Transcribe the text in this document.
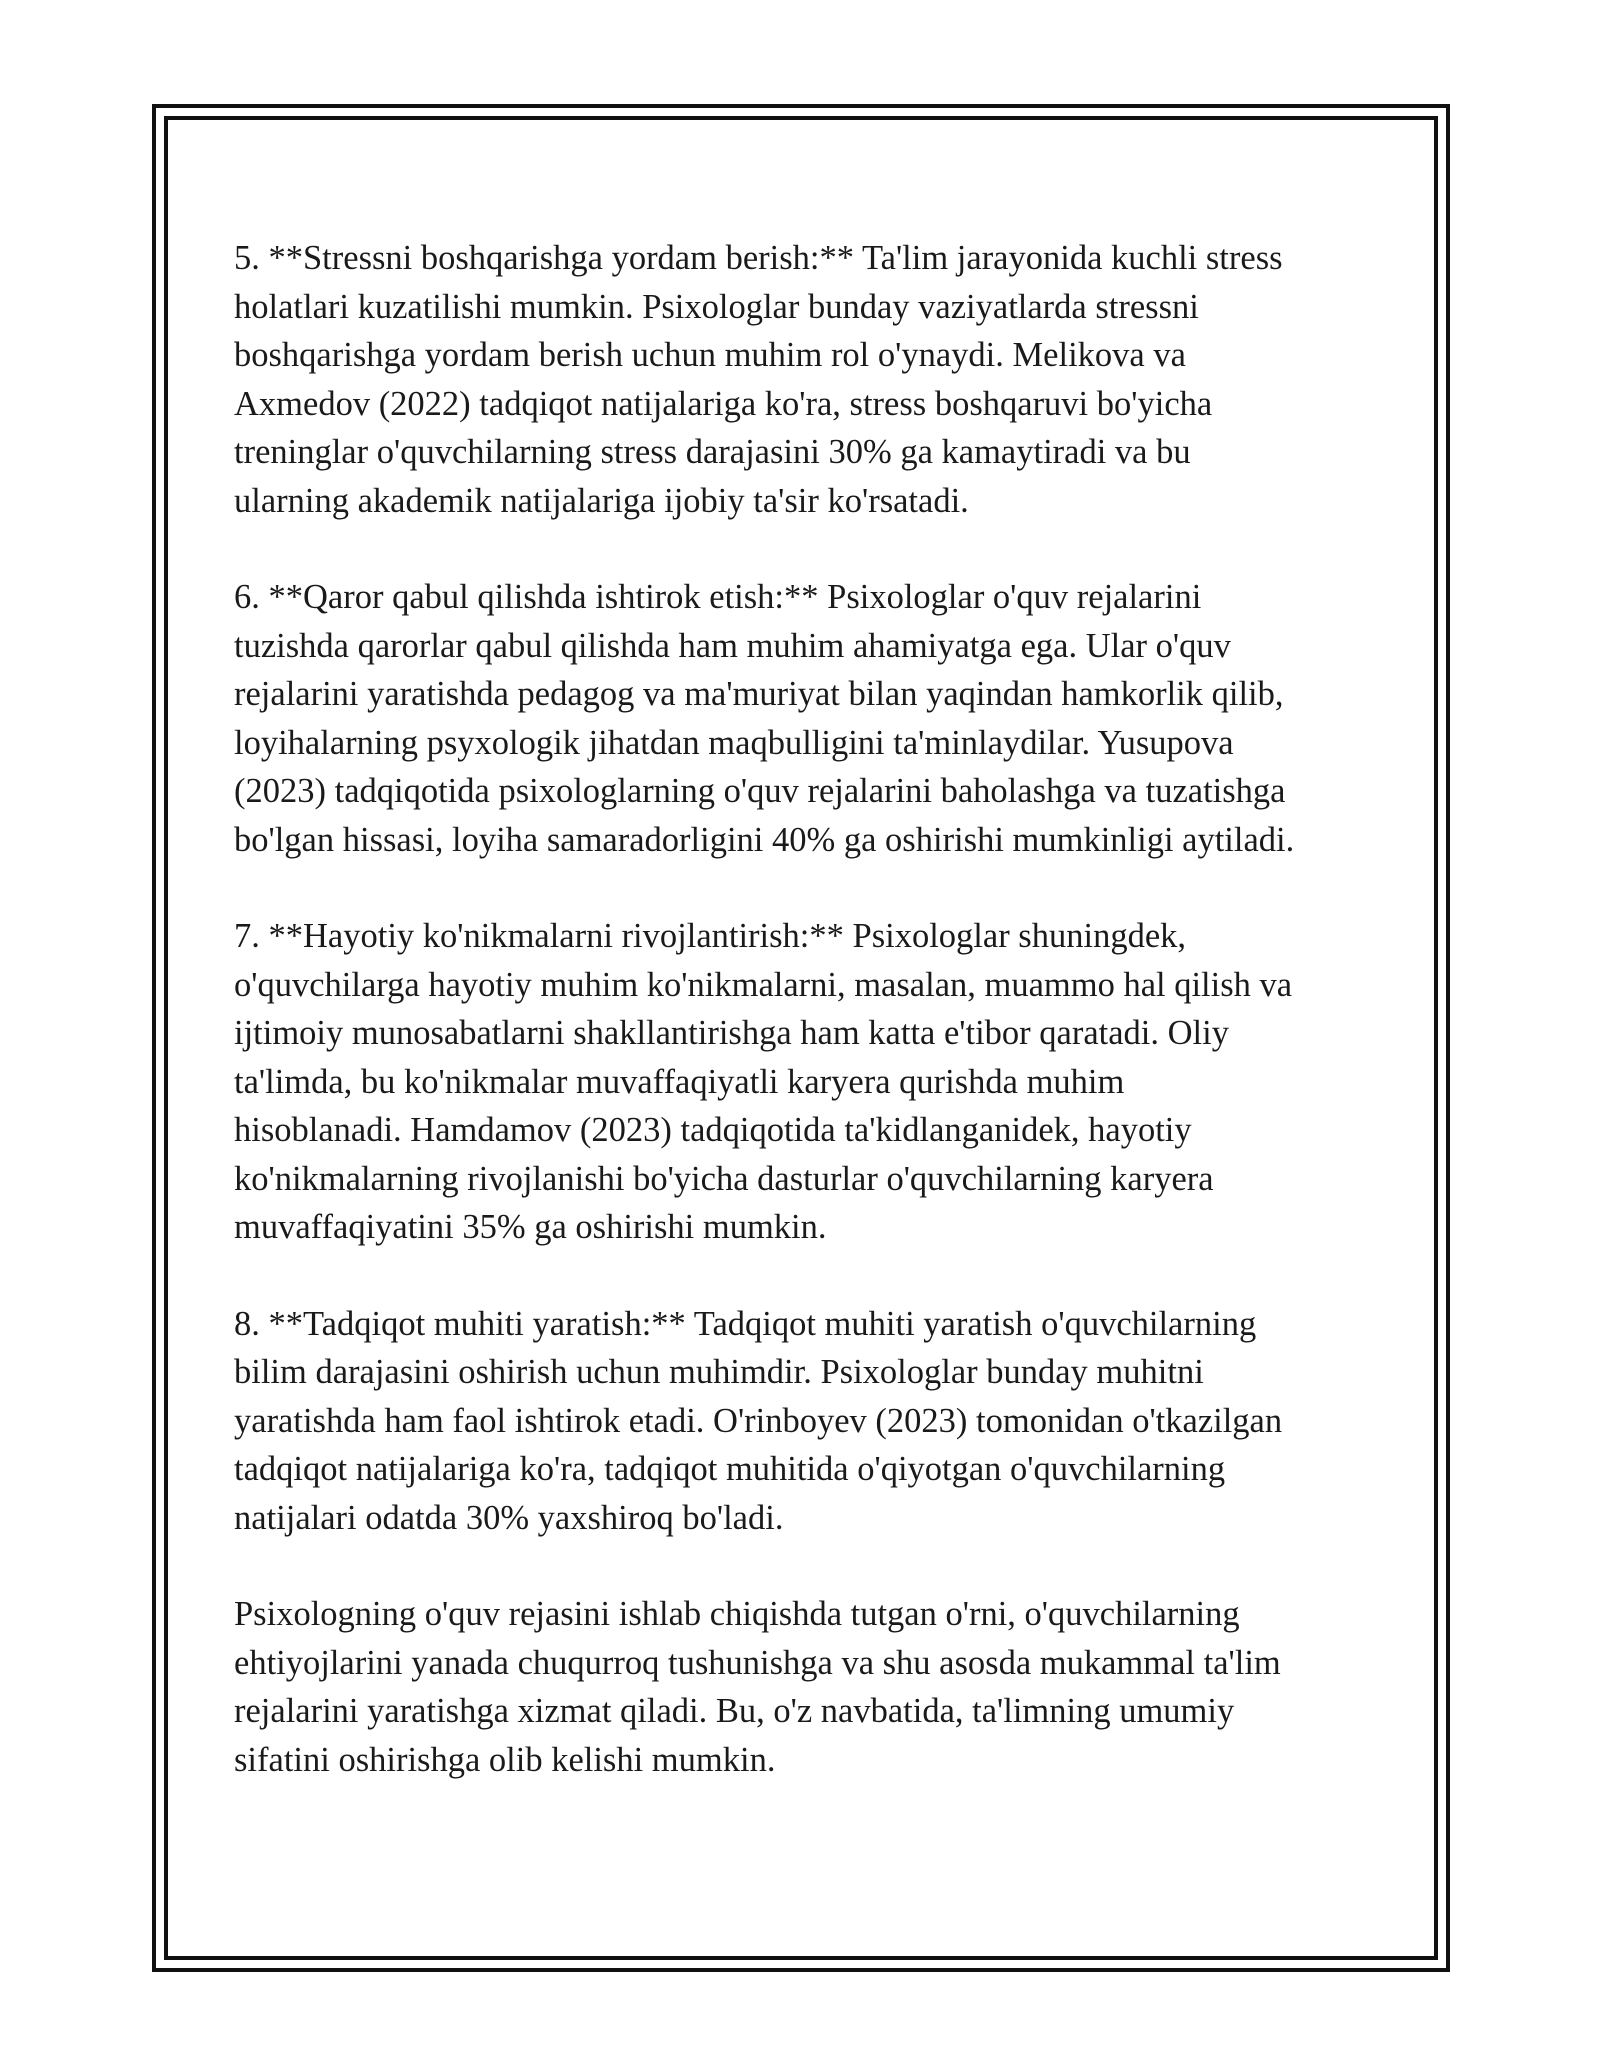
5. **Stressni boshqarishga yordam berish:** Ta'lim jarayonida kuchli stress
holatlari kuzatilishi mumkin. Psixologlar bunday vaziyatlarda stressni
boshqarishga yordam berish uchun muhim rol o'ynaydi. Melikova va
Axmedov (2022) tadqiqot natijalariga ko'ra, stress boshqaruvi bo'yicha
treninglar o'quvchilarning stress darajasini 30% ga kamaytiradi va bu
ularning akademik natijalariga ijobiy ta'sir ko'rsatadi.

6. **Qaror qabul qilishda ishtirok etish:** Psixologlar o'quv rejalarini
tuzishda qarorlar qabul qilishda ham muhim ahamiyatga ega. Ular o'quv
rejalarini yaratishda pedagog va ma'muriyat bilan yaqindan hamkorlik qilib,
loyihalarning psyxologik jihatdan maqbulligini ta'minlaydilar. Yusupova
(2023) tadqiqotida psixologlarning o'quv rejalarini baholashga va tuzatishga
bo'lgan hissasi, loyiha samaradorligini 40% ga oshirishi mumkinligi aytiladi.

7. **Hayotiy ko'nikmalarni rivojlantirish:** Psixologlar shuningdek,
o'quvchilarga hayotiy muhim ko'nikmalarni, masalan, muammo hal qilish va
ijtimoiy munosabatlarni shakllantirishga ham katta e'tibor qaratadi. Oliy
ta'limda, bu ko'nikmalar muvaffaqiyatli karyera qurishda muhim
hisoblanadi. Hamdamov (2023) tadqiqotida ta'kidlanganidek, hayotiy
ko'nikmalarning rivojlanishi bo'yicha dasturlar o'quvchilarning karyera
muvaffaqiyatini 35% ga oshirishi mumkin.

8. **Tadqiqot muhiti yaratish:** Tadqiqot muhiti yaratish o'quvchilarning
bilim darajasini oshirish uchun muhimdir. Psixologlar bunday muhitni
yaratishda ham faol ishtirok etadi. O'rinboyev (2023) tomonidan o'tkazilgan
tadqiqot natijalariga ko'ra, tadqiqot muhitida o'qiyotgan o'quvchilarning
natijalari odatda 30% yaxshiroq bo'ladi.

Psixologning o'quv rejasini ishlab chiqishda tutgan o'rni, o'quvchilarning
ehtiyojlarini yanada chuqurroq tushunishga va shu asosda mukammal ta'lim
rejalarini yaratishga xizmat qiladi. Bu, o'z navbatida, ta'limning umumiy
sifatini oshirishga olib kelishi mumkin.
